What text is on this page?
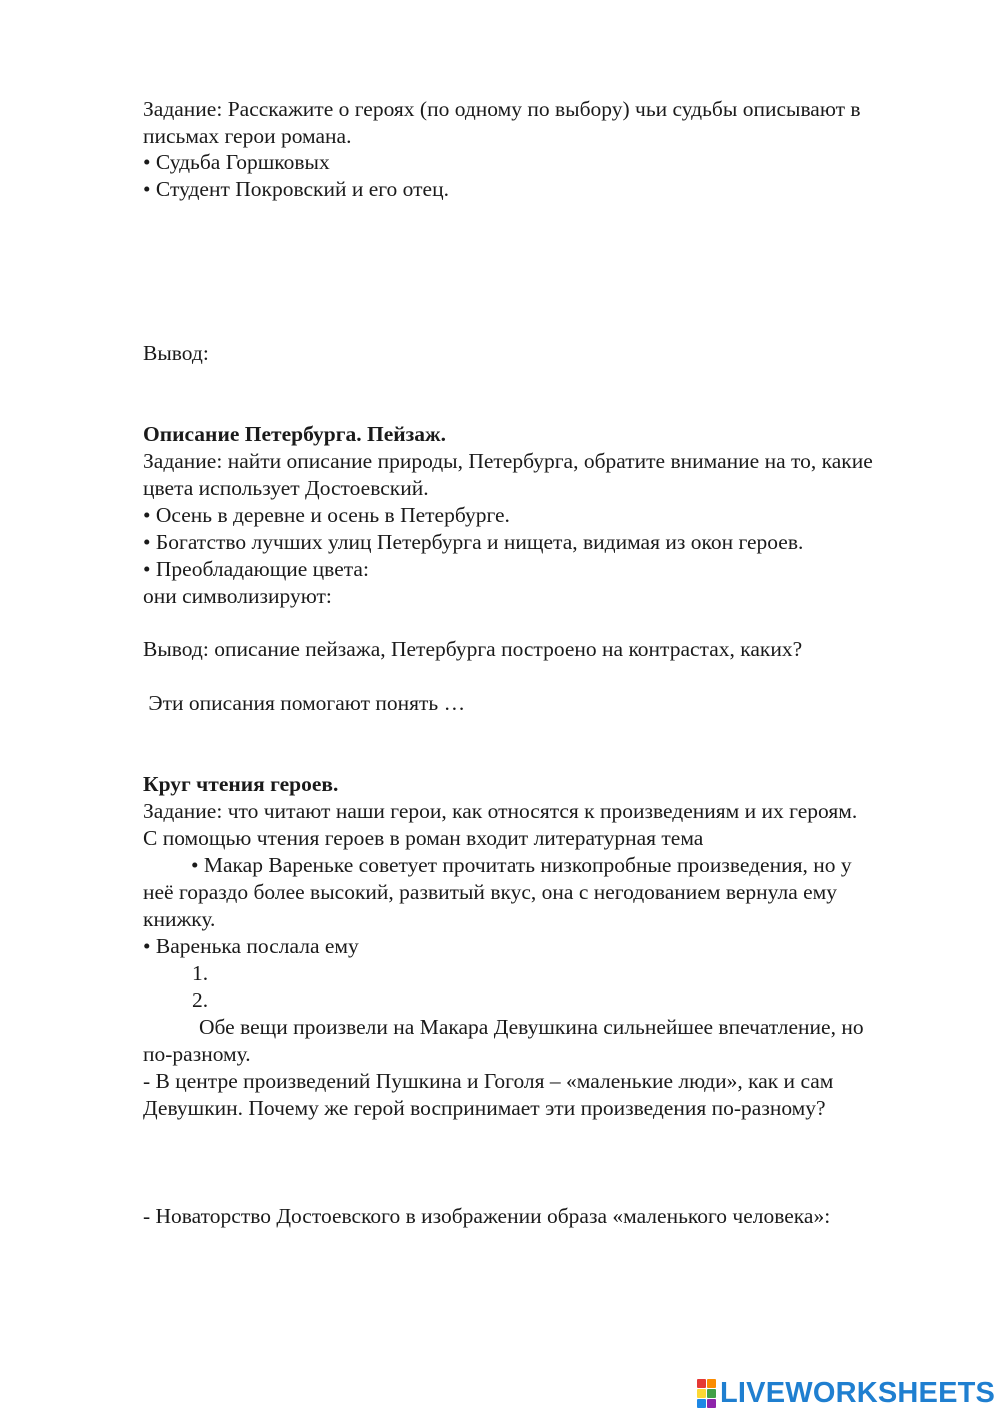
Задание: Расскажите о героях (по одному по выбору) чьи судьбы описывают в
письмах герои романа.
• Судьба Горшковых
• Студент Покровский и его отец.
Вывод:
Описание Петербурга. Пейзаж.
Задание: найти описание природы, Петербурга, обратите внимание на то, какие
цвета использует Достоевский.
• Осень в деревне и осень в Петербурге.
• Богатство лучших улиц Петербурга и нищета, видимая из окон героев.
• Преобладающие цвета:
они символизируют:
Вывод: описание пейзажа, Петербурга построено на контрастах, каких?
Эти описания помогают понять …
Круг чтения героев.
Задание: что читают наши герои, как относятся к произведениям и их героям.
С помощью чтения героев в роман входит литературная тема
• Макар Вареньке советует прочитать низкопробные произведения, но у
неё гораздо более высокий, развитый вкус, она с негодованием вернула ему
книжку.
• Варенька послала ему
1.
2.
Обе вещи произвели на Макара Девушкина сильнейшее впечатление, но
по-разному.
- В центре произведений Пушкина и Гоголя – «маленькие люди», как и сам
Девушкин. Почему же герой воспринимает эти произведения по-разному?
- Новаторство Достоевского в изображении образа «маленького человека»:
LIVEWORKSHEETS
